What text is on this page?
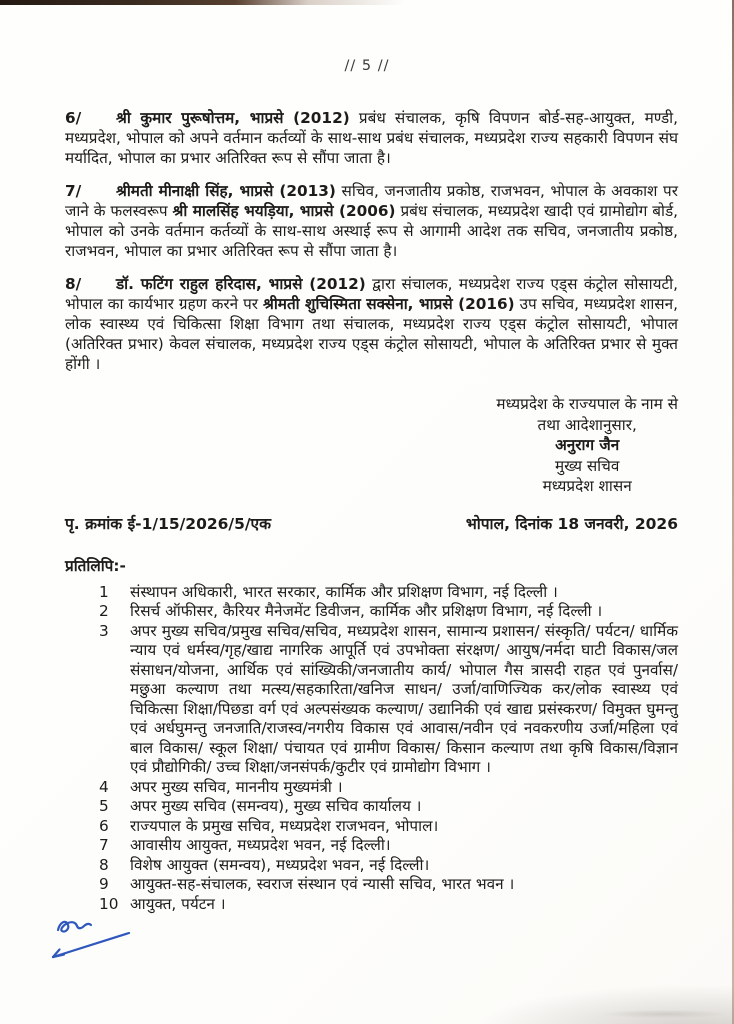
// 5 //
6/ श्री कुमार पुरूषोत्तम, भाप्रसे (2012) प्रबंध संचालक, कृषि विपणन बोर्ड-सह-आयुक्त, मण्डी, मध्यप्रदेश, भोपाल को अपने वर्तमान कर्तव्यों के साथ-साथ प्रबंध संचालक, मध्यप्रदेश राज्य सहकारी विपणन संघ मर्यादित, भोपाल का प्रभार अतिरिक्त रूप से सौंपा जाता है।
7/ श्रीमती मीनाक्षी सिंह, भाप्रसे (2013) सचिव, जनजातीय प्रकोष्ठ, राजभवन, भोपाल के अवकाश पर जाने के फलस्वरूप श्री मालसिंह भयड़िया, भाप्रसे (2006) प्रबंध संचालक, मध्यप्रदेश खादी एवं ग्रामोद्योग बोर्ड, भोपाल को उनके वर्तमान कर्तव्यों के साथ-साथ अस्थाई रूप से आगामी आदेश तक सचिव, जनजातीय प्रकोष्ठ, राजभवन, भोपाल का प्रभार अतिरिक्त रूप से सौंपा जाता है।
8/ डॉ. फटिंग राहुल हरिदास, भाप्रसे (2012) द्वारा संचालक, मध्यप्रदेश राज्य एड्स कंट्रोल सोसायटी, भोपाल का कार्यभार ग्रहण करने पर श्रीमती शुचिस्मिता सक्सेना, भाप्रसे (2016) उप सचिव, मध्यप्रदेश शासन, लोक स्वास्थ्य एवं चिकित्सा शिक्षा विभाग तथा संचालक, मध्यप्रदेश राज्य एड्स कंट्रोल सोसायटी, भोपाल (अतिरिक्त प्रभार) केवल संचालक, मध्यप्रदेश राज्य एड्स कंट्रोल सोसायटी, भोपाल के अतिरिक्त प्रभार से मुक्त होंगी ।
मध्यप्रदेश के राज्यपाल के नाम से
तथा आदेशानुसार,
अनुराग जैन
मुख्य सचिव
मध्यप्रदेश शासन
पृ. क्रमांक ई-1/15/2026/5/एक	भोपाल, दिनांक 18 जनवरी, 2026
प्रतिलिपि:-
1	संस्थापन अधिकारी, भारत सरकार, कार्मिक और प्रशिक्षण विभाग, नई दिल्ली ।
2	रिसर्च ऑफीसर, कैरियर मैनेजमेंट डिवीजन, कार्मिक और प्रशिक्षण विभाग, नई दिल्ली ।
3	अपर मुख्य सचिव/प्रमुख सचिव/सचिव, मध्यप्रदेश शासन, सामान्य प्रशासन/ संस्कृति/ पर्यटन/ धार्मिक न्याय एवं धर्मस्व/गृह/खाद्य नागरिक आपूर्ति एवं उपभोक्ता संरक्षण/ आयुष/नर्मदा घाटी विकास/जल संसाधन/योजना, आर्थिक एवं सांख्यिकी/जनजातीय कार्य/ भोपाल गैस त्रासदी राहत एवं पुनर्वास/मछुआ कल्याण तथा मत्स्य/सहकारिता/खनिज साधन/ उर्जा/वाणिज्यिक कर/लोक स्वास्थ्य एवं चिकित्सा शिक्षा/पिछडा वर्ग एवं अल्पसंख्यक कल्याण/ उद्यानिकी एवं खाद्य प्रसंस्करण/ विमुक्त घुमन्तु एवं अर्धघुमन्तु जनजाति/राजस्व/नगरीय विकास एवं आवास/नवीन एवं नवकरणीय उर्जा/महिला एवं बाल विकास/ स्कूल शिक्षा/ पंचायत एवं ग्रामीण विकास/ किसान कल्याण तथा कृषि विकास/विज्ञान एवं प्रौद्योगिकी/ उच्च शिक्षा/जनसंपर्क/कुटीर एवं ग्रामोद्योग विभाग ।
4	अपर मुख्य सचिव, माननीय मुख्यमंत्री ।
5	अपर मुख्य सचिव (समन्वय), मुख्य सचिव कार्यालय ।
6	राज्यपाल के प्रमुख सचिव, मध्यप्रदेश राजभवन, भोपाल।
7	आवासीय आयुक्त, मध्यप्रदेश भवन, नई दिल्ली।
8	विशेष आयुक्त (समन्वय), मध्यप्रदेश भवन, नई दिल्ली।
9	आयुक्त-सह-संचालक, स्वराज संस्थान एवं न्यासी सचिव, भारत भवन ।
10 आयुक्त, पर्यटन ।
